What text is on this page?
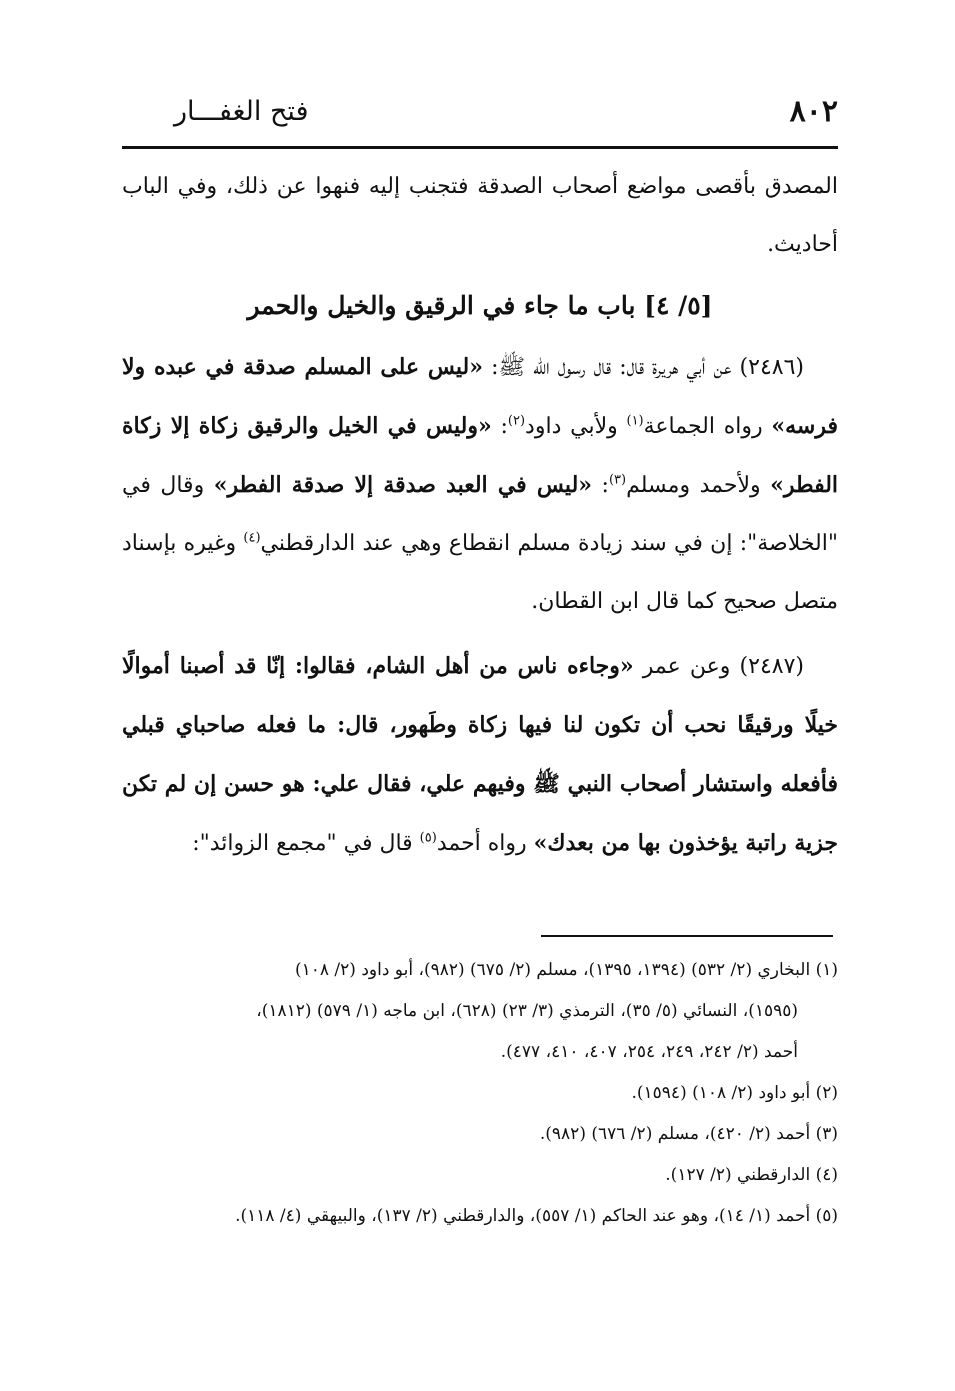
٨٠٢
فتح الغفـــار

المصدق بأقصى مواضع أصحاب الصدقة فتجنب إليه فنهوا عن ذلك، وفي الباب أحاديث.

[٥/ ٤] باب ما جاء في الرقيق والخيل والحمر

(٢٤٨٦) عن أبي هريرة قال: قال رسول الله ﷺ: «ليس على المسلم صدقة في عبده ولا فرسه» رواه الجماعة$^{(١)}$ ولأبي داود$^{(٢)}$: «وليس في الخيل والرقيق زكاة إلا زكاة الفطر» ولأحمد ومسلم$^{(٣)}$: «ليس في العبد صدقة إلا صدقة الفطر» وقال في "الخلاصة": إن في سند زيادة مسلم انقطاع وهي عند الدارقطني$^{(٤)}$ وغيره بإسناد متصل صحيح كما قال ابن القطان.

(٢٤٨٧) وعن عمر «وجاءه ناس من أهل الشام، فقالوا: إنّا قد أصبنا أموالًا خيلًا ورقيقًا نحب أن تكون لنا فيها زكاة وطَهور، قال: ما فعله صاحباي قبلي فأفعله واستشار أصحاب النبي ﷺ وفيهم علي، فقال علي: هو حسن إن لم تكن جزية راتبة يؤخذون بها من بعدك» رواه أحمد$^{(٥)}$ قال في "مجمع الزوائد":

(١) البخاري (٢/ ٥٣٢) (١٣٩٤، ١٣٩٥)، مسلم (٢/ ٦٧٥) (٩٨٢)، أبو داود (٢/ ١٠٨)

(١٥٩٥)، النسائي (٥/ ٣٥)، الترمذي (٣/ ٢٣) (٦٢٨)، ابن ماجه (١/ ٥٧٩) (١٨١٢)،

أحمد (٢/ ٢٤٢، ٢٤٩، ٢٥٤، ٤٠٧، ٤١٠، ٤٧٧).

(٢) أبو داود (٢/ ١٠٨) (١٥٩٤).

(٣) أحمد (٢/ ٤٢٠)، مسلم (٢/ ٦٧٦) (٩٨٢).

(٤) الدارقطني (٢/ ١٢٧).

(٥) أحمد (١/ ١٤)، وهو عند الحاكم (١/ ٥٥٧)، والدارقطني (٢/ ١٣٧)، والبيهقي (٤/ ١١٨).
